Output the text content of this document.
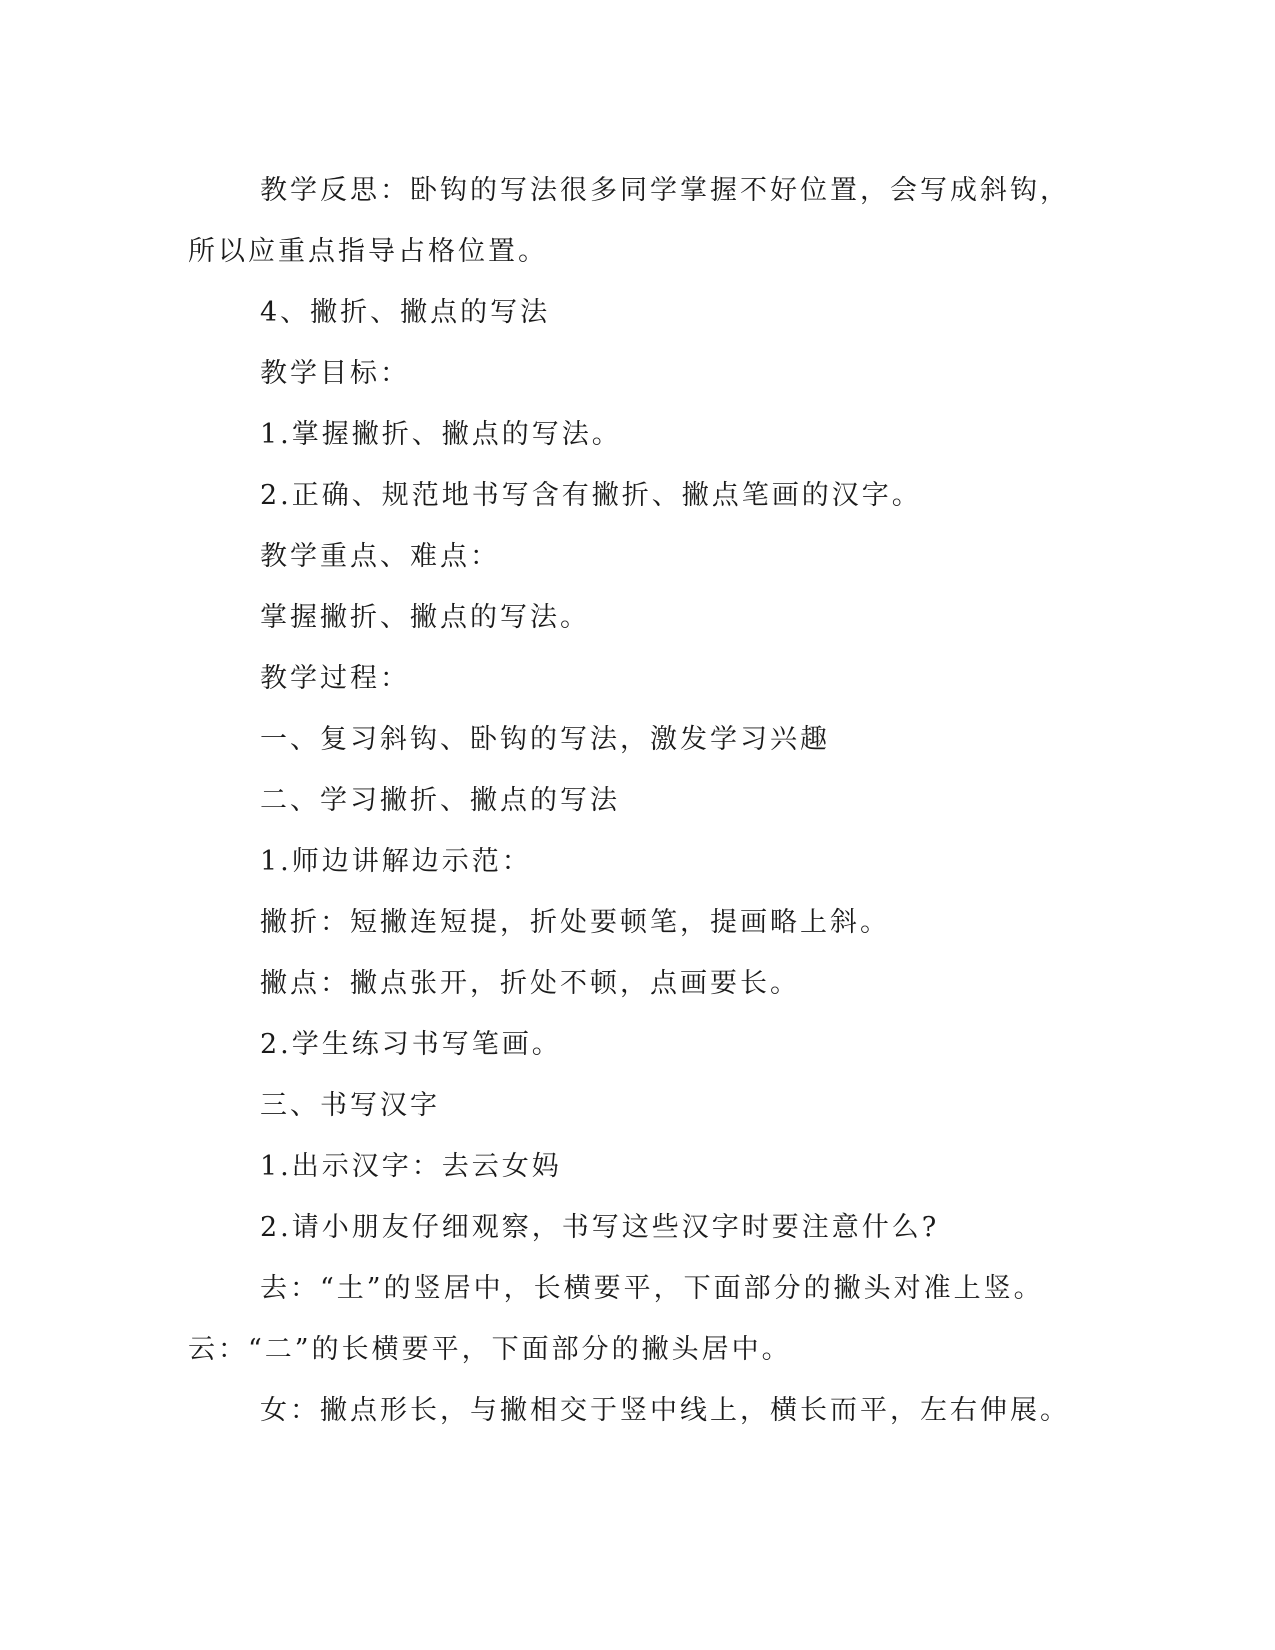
教学反思：卧钩的写法很多同学掌握不好位置，会写成斜钩，所以应重点指导占格位置。

4、撇折、撇点的写法

教学目标：

1.掌握撇折、撇点的写法。

2.正确、规范地书写含有撇折、撇点笔画的汉字。

教学重点、难点：

掌握撇折、撇点的写法。

教学过程：

一、复习斜钩、卧钩的写法，激发学习兴趣

二、学习撇折、撇点的写法

1.师边讲解边示范：

撇折：短撇连短提，折处要顿笔，提画略上斜。

撇点：撇点张开，折处不顿，点画要长。

2.学生练习书写笔画。

三、书写汉字

1.出示汉字：去云女妈

2.请小朋友仔细观察，书写这些汉字时要注意什么?

去：“土”的竖居中，长横要平，下面部分的撇头对准上竖。云：“二”的长横要平，下面部分的撇头居中。

女：撇点形长，与撇相交于竖中线上，横长而平，左右伸展。
